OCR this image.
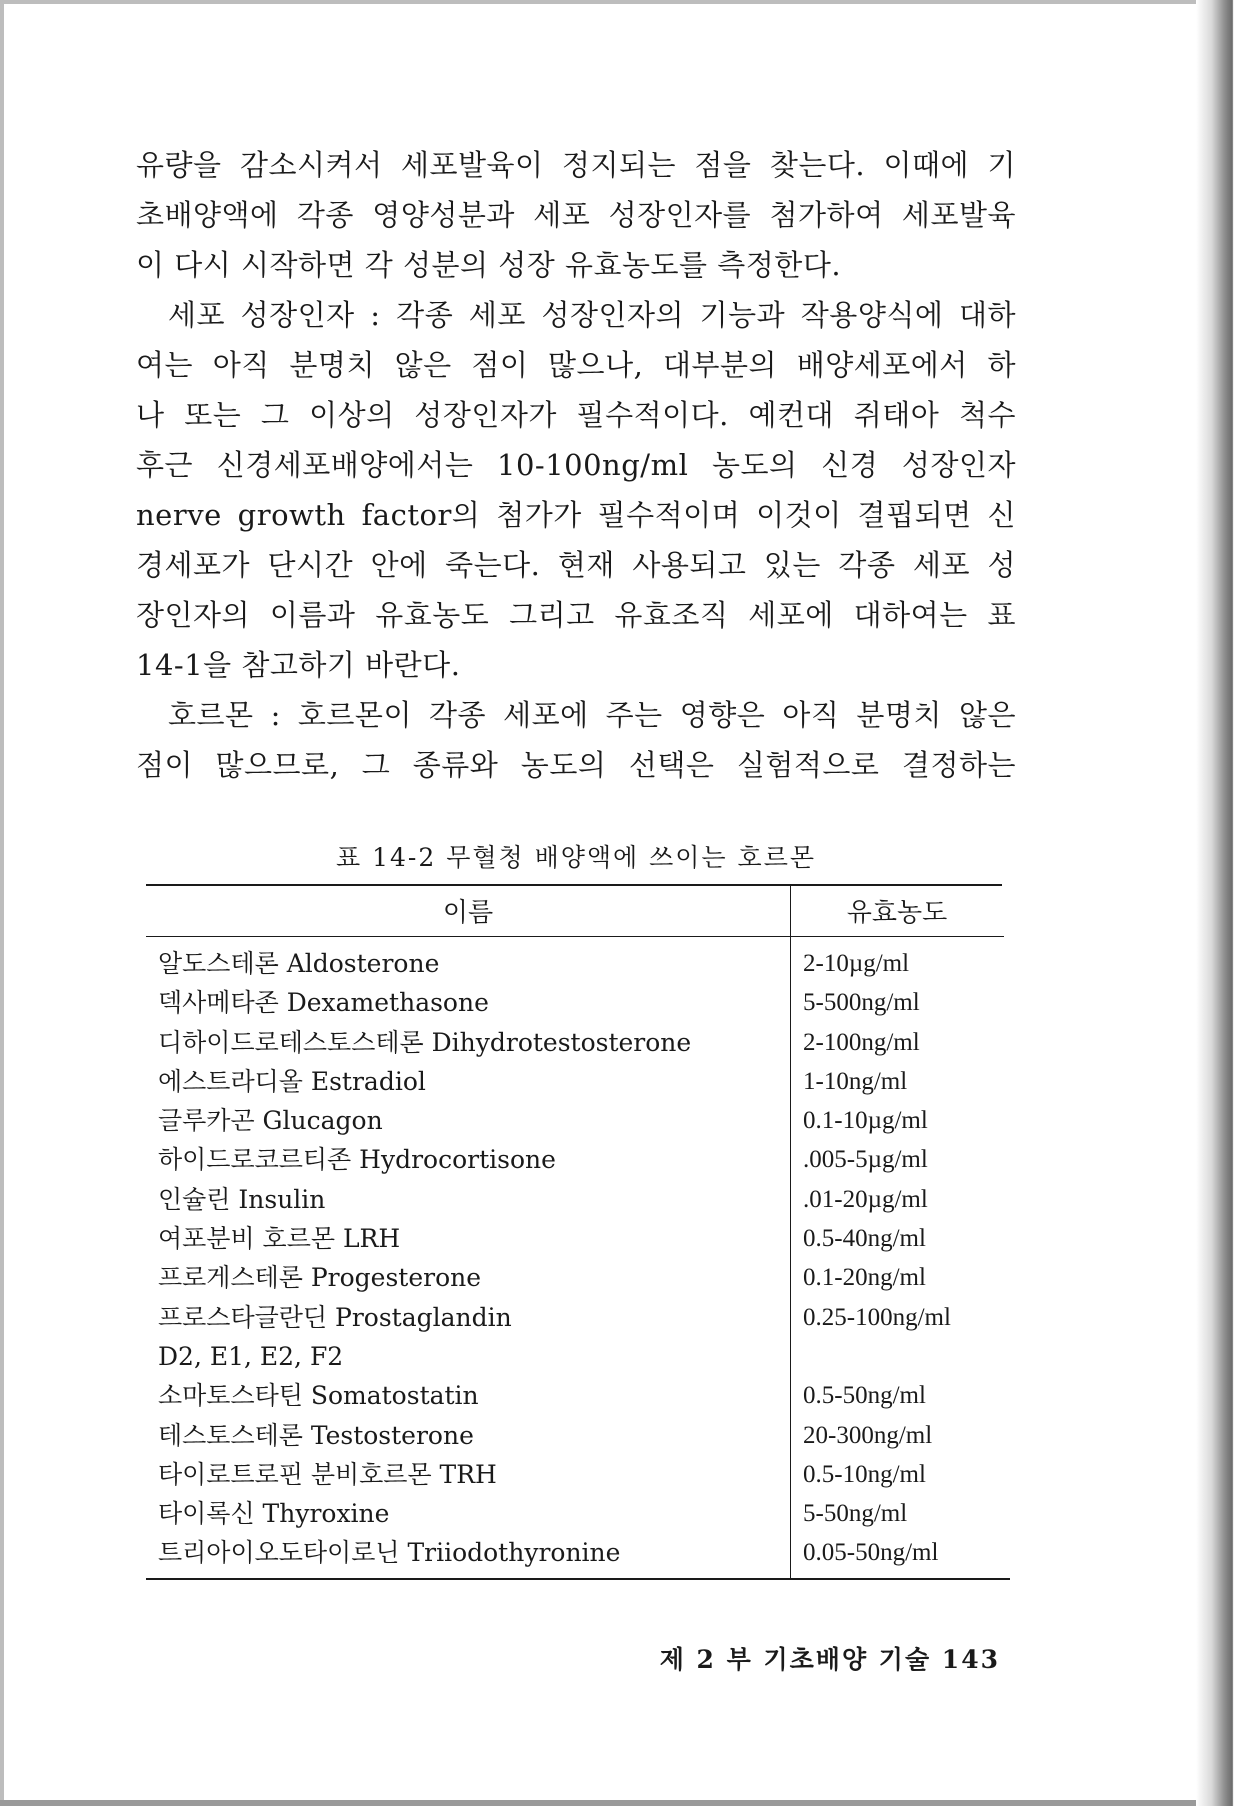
유량을 감소시켜서 세포발육이 정지되는 점을 찾는다. 이때에 기
초배양액에 각종 영양성분과 세포 성장인자를 첨가하여 세포발육
이 다시 시작하면 각 성분의 성장 유효농도를 측정한다.
세포 성장인자 : 각종 세포 성장인자의 기능과 작용양식에 대하
여는 아직 분명치 않은 점이 많으나, 대부분의 배양세포에서 하
나 또는 그 이상의 성장인자가 필수적이다. 예컨대 쥐태아 척수
후근 신경세포배양에서는 10-100ng/ml 농도의 신경 성장인자
nerve growth factor의 첨가가 필수적이며 이것이 결핍되면 신
경세포가 단시간 안에 죽는다. 현재 사용되고 있는 각종 세포 성
장인자의 이름과 유효농도 그리고 유효조직 세포에 대하여는 표
14-1을 참고하기 바란다.
호르몬 : 호르몬이 각종 세포에 주는 영향은 아직 분명치 않은
점이 많으므로, 그 종류와 농도의 선택은 실험적으로 결정하는
표 14-2 무혈청 배양액에 쓰이는 호르몬
이름	유효농도
알도스테론 Aldosterone	2-10µg/ml
덱사메타존 Dexamethasone	5-500ng/ml
디하이드로테스토스테론 Dihydrotestosterone	2-100ng/ml
에스트라디올 Estradiol	1-10ng/ml
글루카곤 Glucagon	0.1-10µg/ml
하이드로코르티존 Hydrocortisone	.005-5µg/ml
인슐린 Insulin	.01-20µg/ml
여포분비 호르몬 LRH	0.5-40ng/ml
프로게스테론 Progesterone	0.1-20ng/ml
프로스타글란딘 Prostaglandin	0.25-100ng/ml
D2, E1, E2, F2
소마토스타틴 Somatostatin	0.5-50ng/ml
테스토스테론 Testosterone	20-300ng/ml
타이로트로핀 분비호르몬 TRH	0.5-10ng/ml
타이록신 Thyroxine	5-50ng/ml
트리아이오도타이로닌 Triiodothyronine	0.05-50ng/ml
제 2 부 기초배양 기술 143
